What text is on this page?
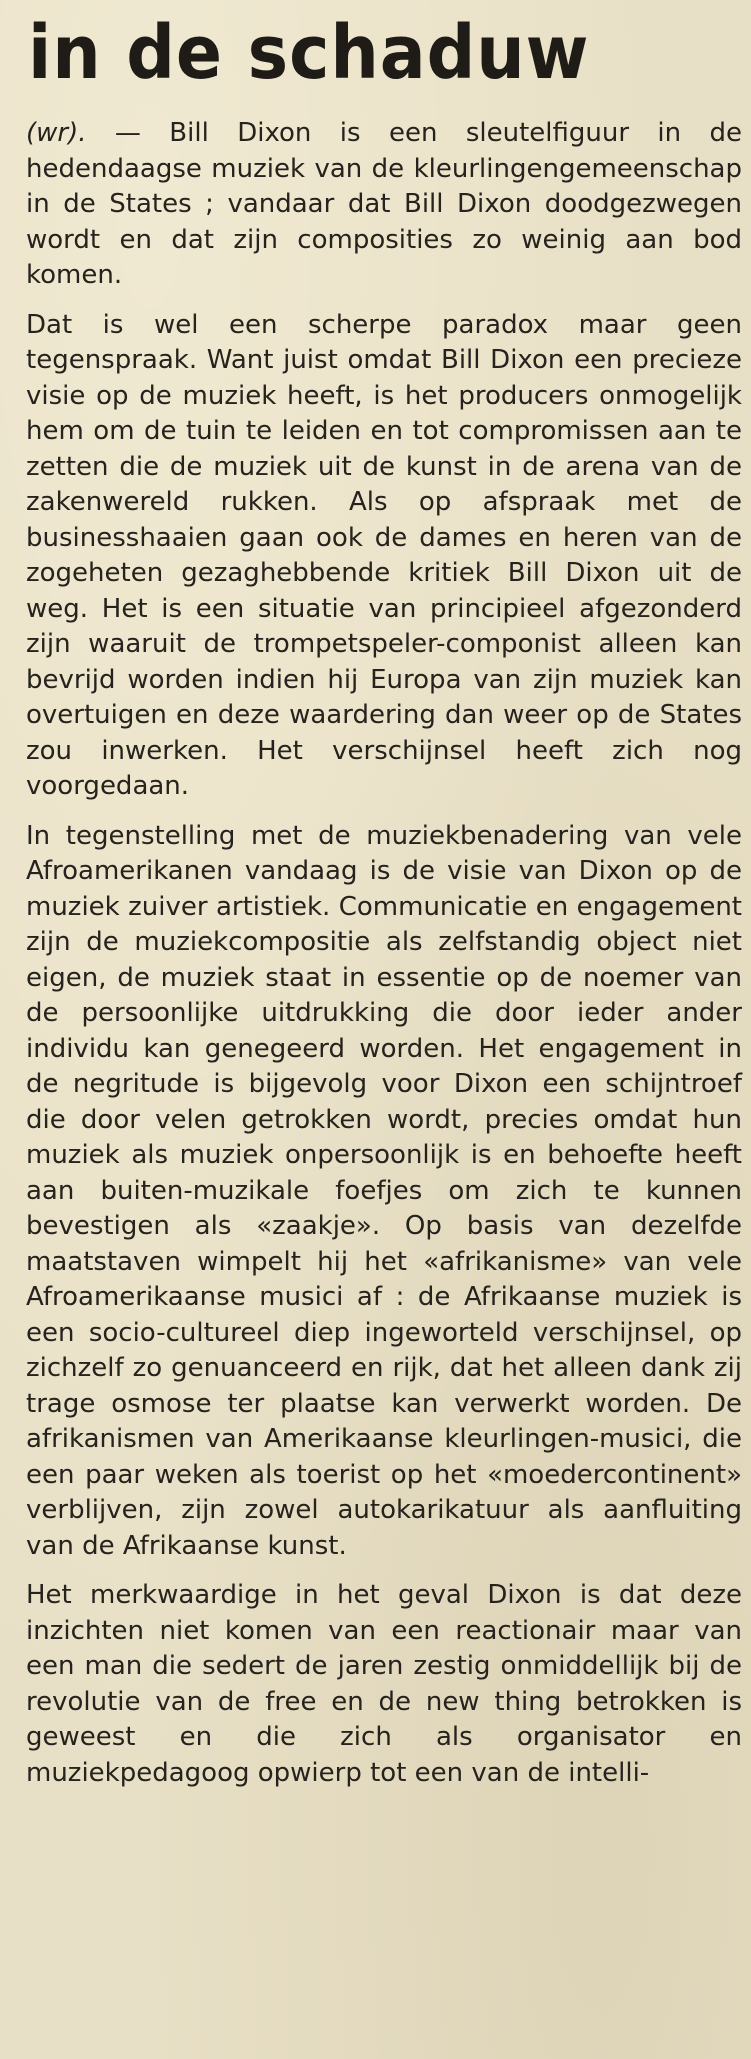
in de schaduw

(wr). — Bill Dixon is een sleutelfiguur in de hedendaagse muziek van de kleurlingengemeenschap in de States ; vandaar dat Bill Dixon doodgezwegen wordt en dat zijn composities zo weinig aan bod komen.

Dat is wel een scherpe paradox maar geen tegenspraak. Want juist omdat Bill Dixon een precieze visie op de muziek heeft, is het producers onmogelijk hem om de tuin te leiden en tot compromissen aan te zetten die de muziek uit de kunst in de arena van de zakenwereld rukken. Als op afspraak met de businesshaaien gaan ook de dames en heren van de zogeheten gezaghebbende kritiek Bill Dixon uit de weg. Het is een situatie van principieel afgezonderd zijn waaruit de trompetspeler-componist alleen kan bevrijd worden indien hij Europa van zijn muziek kan overtuigen en deze waardering dan weer op de States zou inwerken. Het verschijnsel heeft zich nog voorgedaan.

In tegenstelling met de muziekbenadering van vele Afroamerikanen vandaag is de visie van Dixon op de muziek zuiver artistiek. Communicatie en engagement zijn de muziekcompositie als zelfstandig object niet eigen, de muziek staat in essentie op de noemer van de persoonlijke uitdrukking die door ieder ander individu kan genegeerd worden. Het engagement in de negritude is bijgevolg voor Dixon een schijntroef die door velen getrokken wordt, precies omdat hun muziek als muziek onpersoonlijk is en behoefte heeft aan buiten-muzikale foefjes om zich te kunnen bevestigen als «zaakje». Op basis van dezelfde maatstaven wimpelt hij het «afrikanisme» van vele Afroamerikaanse musici af : de Afrikaanse muziek is een socio-cultureel diep ingeworteld verschijnsel, op zichzelf zo genuanceerd en rijk, dat het alleen dank zij trage osmose ter plaatse kan verwerkt worden. De afrikanismen van Amerikaanse kleurlingen-musici, die een paar weken als toerist op het «moedercontinent» verblijven, zijn zowel autokarikatuur als aanfluiting van de Afrikaanse kunst.

Het merkwaardige in het geval Dixon is dat deze inzichten niet komen van een reactionair maar van een man die sedert de jaren zestig onmiddellijk bij de revolutie van de free en de new thing betrokken is geweest en die zich als organisator en muziekpedagoog opwierp tot een van de intelli-
